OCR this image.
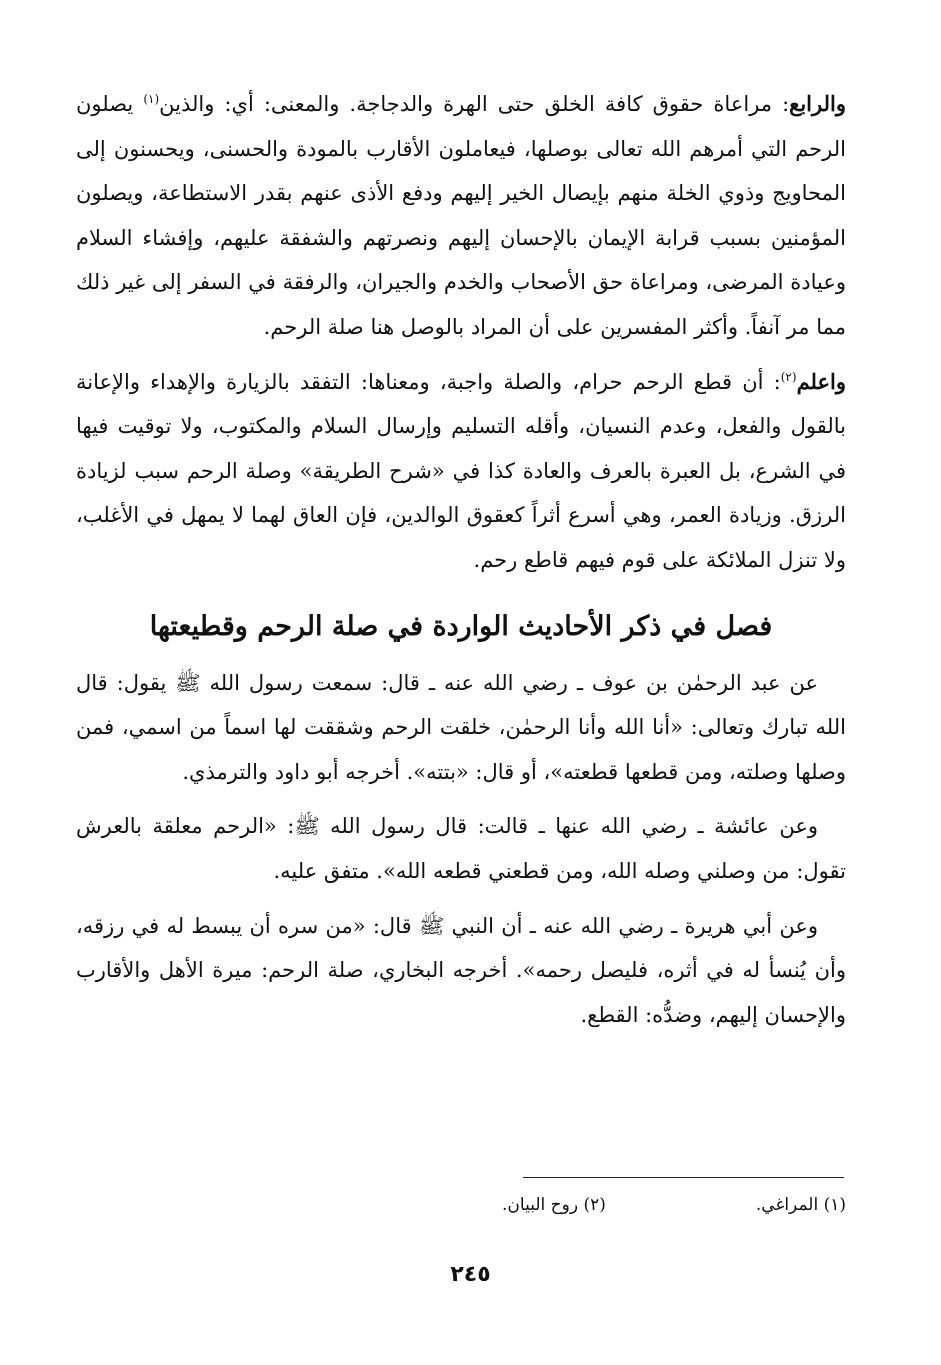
والرابع: مراعاة حقوق كافة الخلق حتى الهرة والدجاجة. والمعنى: أي: والذين$^{(١)}$ يصلون الرحم التي أمرهم الله تعالى بوصلها، فيعاملون الأقارب بالمودة والحسنى، ويحسنون إلى المحاويج وذوي الخلة منهم بإيصال الخير إليهم ودفع الأذى عنهم بقدر الاستطاعة، ويصلون المؤمنين بسبب قرابة الإيمان بالإحسان إليهم ونصرتهم والشفقة عليهم، وإفشاء السلام وعيادة المرضى، ومراعاة حق الأصحاب والخدم والجيران، والرفقة في السفر إلى غير ذلك مما مر آنفاً. وأكثر المفسرين على أن المراد بالوصل هنا صلة الرحم.

واعلم$^{(٢)}$: أن قطع الرحم حرام، والصلة واجبة، ومعناها: التفقد بالزيارة والإهداء والإعانة بالقول والفعل، وعدم النسيان، وأقله التسليم وإرسال السلام والمكتوب، ولا توقيت فيها في الشرع، بل العبرة بالعرف والعادة كذا في «شرح الطريقة» وصلة الرحم سبب لزيادة الرزق. وزيادة العمر، وهي أسرع أثراً كعقوق الوالدين، فإن العاق لهما لا يمهل في الأغلب، ولا تنزل الملائكة على قوم فيهم قاطع رحم.

فصل في ذكر الأحاديث الواردة في صلة الرحم وقطيعتها

عن عبد الرحمٰن بن عوف ـ رضي الله عنه ـ قال: سمعت رسول الله ﷺ يقول: قال الله تبارك وتعالى: «أنا الله وأنا الرحمٰن، خلقت الرحم وشققت لها اسماً من اسمي، فمن وصلها وصلته، ومن قطعها قطعته»، أو قال: «بتته». أخرجه أبو داود والترمذي.

وعن عائشة ـ رضي الله عنها ـ قالت: قال رسول الله ﷺ: «الرحم معلقة بالعرش تقول: من وصلني وصله الله، ومن قطعني قطعه الله». متفق عليه.

وعن أبي هريرة ـ رضي الله عنه ـ أن النبي ﷺ قال: «من سره أن يبسط له في رزقه، وأن يُنسأ له في أثره، فليصل رحمه». أخرجه البخاري، صلة الرحم: ميرة الأهل والأقارب والإحسان إليهم، وضدُّه: القطع.

(١) المراغي.(٢) روح البيان.
٢٤٥
